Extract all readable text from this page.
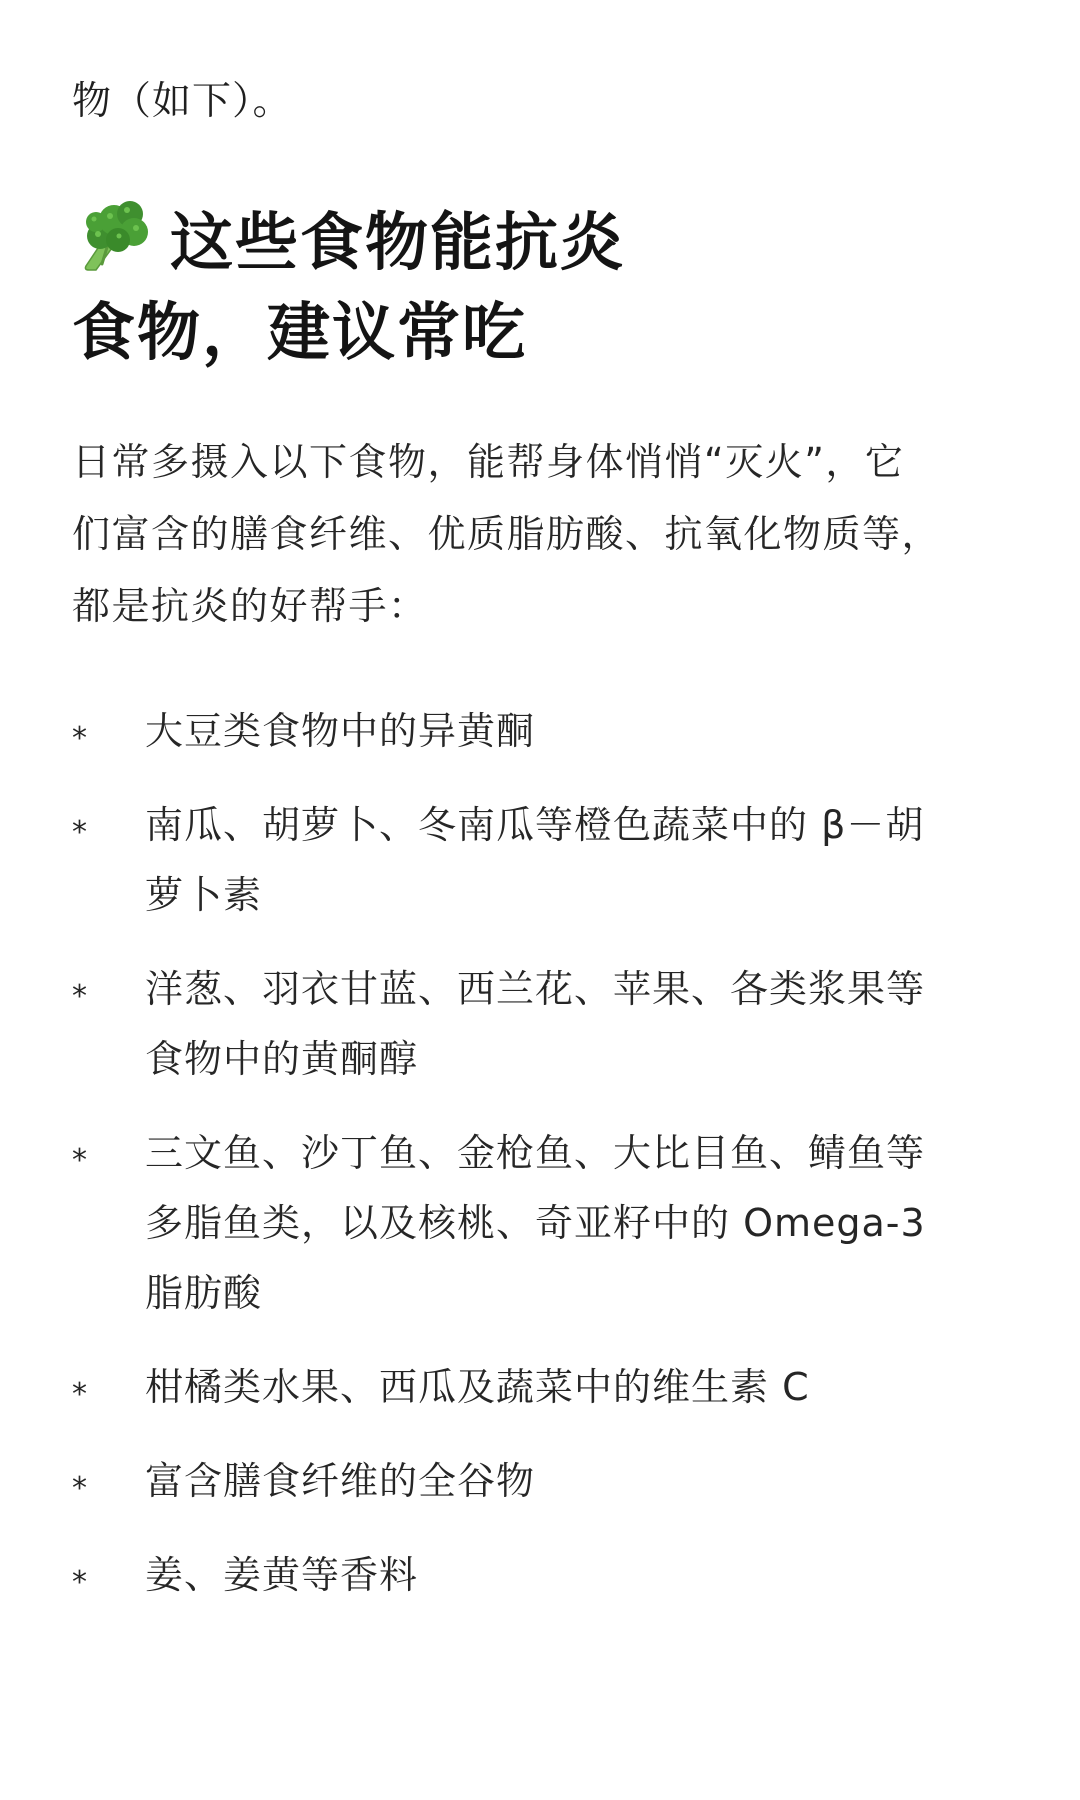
物（如下）。
这些食物能抗炎
食物，建议常吃
日常多摄入以下食物，能帮身体悄悄“灭火”，它
们富含的膳食纤维、优质脂肪酸、抗氧化物质等，
都是抗炎的好帮手：
* 大豆类食物中的异黄酮
* 南瓜、胡萝卜、冬南瓜等橙色蔬菜中的 β－胡
萝卜素
* 洋葱、羽衣甘蓝、西兰花、苹果、各类浆果等
食物中的黄酮醇
* 三文鱼、沙丁鱼、金枪鱼、大比目鱼、鲭鱼等
多脂鱼类，以及核桃、奇亚籽中的 Omega-3
脂肪酸
* 柑橘类水果、西瓜及蔬菜中的维生素 C
* 富含膳食纤维的全谷物
* 姜、姜黄等香料
